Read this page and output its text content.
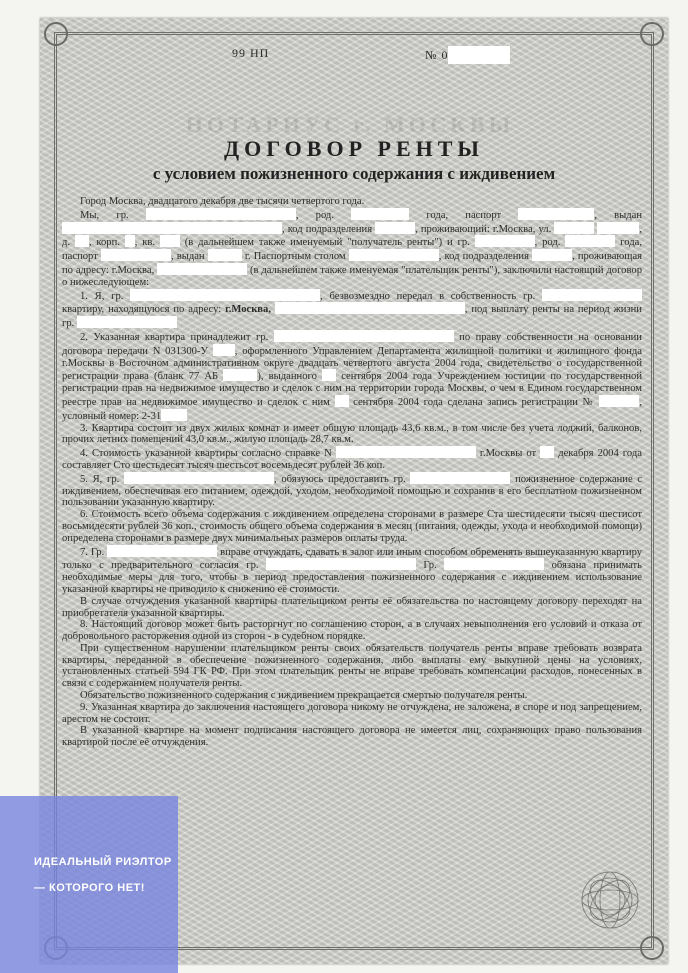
99 НП	№ 0
НОТАРИУС г. МОСКВЫ
ДОГОВОР РЕНТЫ
с условием пожизненного содержания с иждивением

Город Москва, двадцатого декабря две тысячи четвертого года.

Мы, гр.	, род.	года, паспорт	, выдан , код подразделения	, проживающий: г.Москва, ул.	, д. , корп. , кв.	(в дальнейшем также именуемый "получатель ренты") и гр.	, род.	года, паспорт	, выдан	г. Паспортным столом	, код подразделения	, проживающая по адресу: г.Москва,	(в дальнейшем также именуемая "плательщик ренты"), заключили настоящий договор о нижеследующем:

1. Я, гр.	, безвозмездно передал в собственность гр.  квартиру, находящуюся по адресу: г.Москва,	, под выплату ренты на период жизни гр.

2. Указанная квартира принадлежит гр.	по праву собственности на основании договора передачи N 031300-У	, оформленного Управлением Департамента жилищной политики и жилищного фонда г.Москвы в Восточном административном округе двадцать четвертого августа 2004 года, свидетельство о государственной регистрации права (бланк 77 АБ	), выданного сентября 2004 года Учреждением юстиции по государственной регистрации прав на недвижимое имущество и сделок с ним на территории города Москвы, о чем в Едином государственном реестре прав на недвижимое имущество и сделок с ним сентября 2004 года сделана запись регистрации №	, условный номер: 2-31

3. Квартира состоит из двух жилых комнат и имеет общую площадь 43,6 кв.м., в том числе без учета лоджий, балконов, прочих летних помещений 43,0 кв.м., жилую площадь 28,7 кв.м.

4. Стоимость указанной квартиры согласно справке N	г.Москвы от декабря 2004 года составляет Сто шестьдесят тысяч шестьсот восемьдесят рублей 36 коп.

5. Я, гр.	, обязуюсь предоставить гр.	пожизненное содержание с иждивением, обеспечивая его питанием, одеждой, уходом, необходимой помощью и сохранив в его бесплатном пожизненном пользовании указанную квартиру.

6. Стоимость всего объема содержания с иждивением определена сторонами в размере Ста шестидесяти тысяч шестисот восьмидесяти рублей 36 коп., стоимость общего объема содержания в месяц (питания, одежды, ухода и необходимой помощи) определена сторонами в размере двух минимальных размеров оплаты труда.

7. Гр.	вправе отчуждать, сдавать в залог или иным способом обременять вышеуказанную квартиру только с предварительного согласия гр.	Гр.	обязана принимать необходимые меры для того, чтобы в период предоставления пожизненного содержания с иждивением использование указанной квартиры не приводило к снижению её стоимости.

В случае отчуждения указанной квартиры плательщиком ренты её обязательства по настоящему договору переходят на приобретателя указанной квартиры.

8. Настоящий договор может быть расторгнут по соглашению сторон, а в случаях невыполнения его условий и отказа от добровольного расторжения одной из сторон - в судебном порядке.

При существенном нарушении плательщиком ренты своих обязательств получатель ренты вправе требовать возврата квартиры, переданной в обеспечение пожизненного содержания, либо выплаты ему выкупной цены на условиях, установленных статьей 594 ГК РФ. При этом плательщик ренты не вправе требовать компенсации расходов, понесенных в связи с содержанием получателя ренты.

Обязательство пожизненного содержания с иждивением прекращается смертью получателя ренты.

9. Указанная квартира до заключения настоящего договора никому не отчуждена, не заложена, в споре и под запрещением, арестом не состоит.

В указанной квартире на момент подписания настоящего договора не имеется лиц, сохраняющих право пользования квартирой после её отчуждения.

ИДЕАЛЬНЫЙ РИЭЛТОР
— КОТОРОГО НЕТ!
